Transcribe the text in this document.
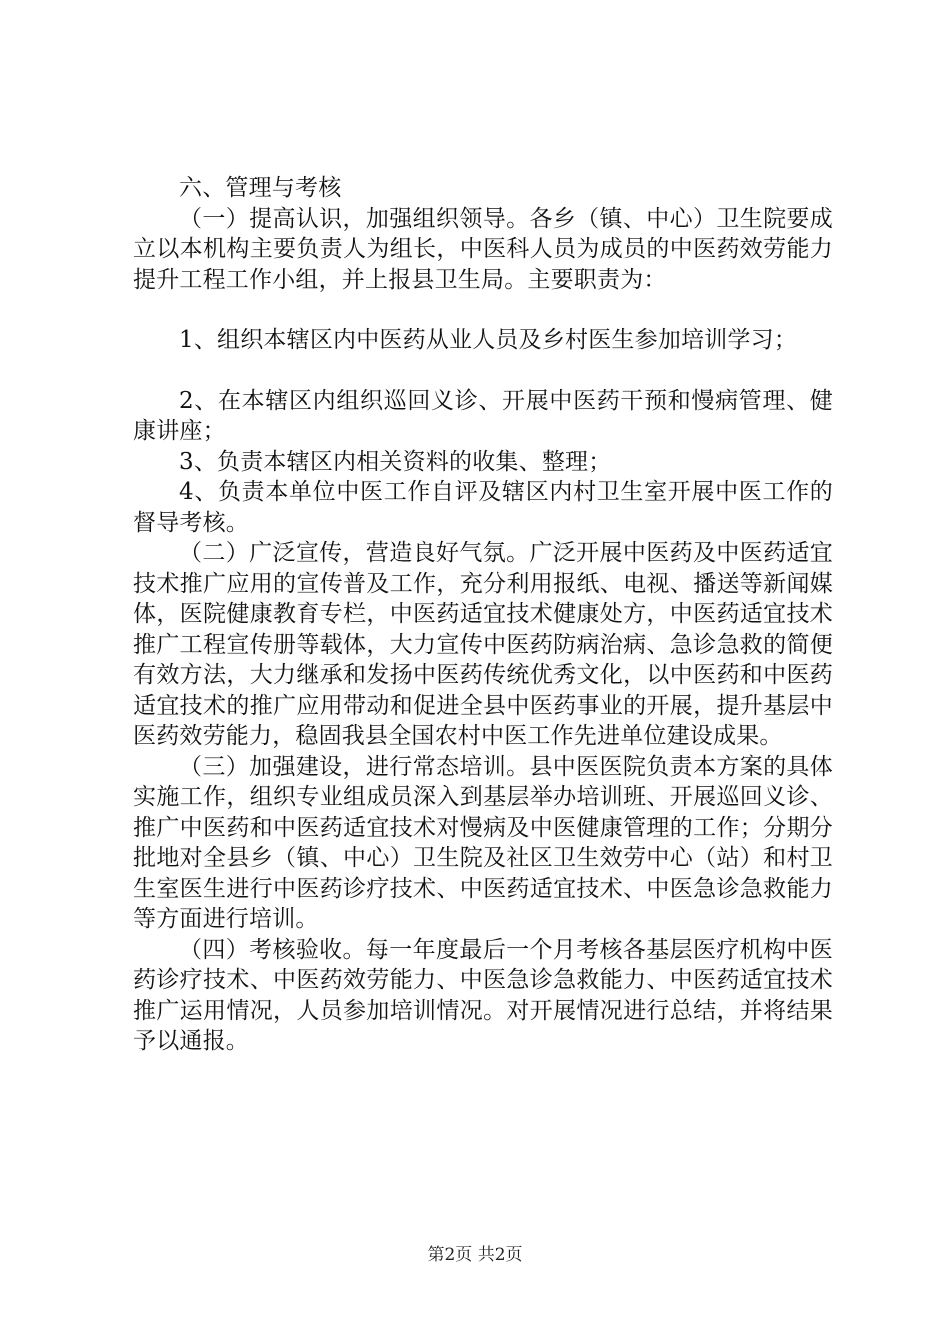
六、管理与考核

（一）提高认识，加强组织领导。各乡（镇、中心）卫生院要成立以本机构主要负责人为组长，中医科人员为成员的中医药效劳能力提升工程工作小组，并上报县卫生局。主要职责为：

1、组织本辖区内中医药从业人员及乡村医生参加培训学习；

2、在本辖区内组织巡回义诊、开展中医药干预和慢病管理、健康讲座；

3、负责本辖区内相关资料的收集、整理；

4、负责本单位中医工作自评及辖区内村卫生室开展中医工作的督导考核。

（二）广泛宣传，营造良好气氛。广泛开展中医药及中医药适宜技术推广应用的宣传普及工作，充分利用报纸、电视、播送等新闻媒体，医院健康教育专栏，中医药适宜技术健康处方，中医药适宜技术推广工程宣传册等载体，大力宣传中医药防病治病、急诊急救的简便有效方法，大力继承和发扬中医药传统优秀文化，以中医药和中医药适宜技术的推广应用带动和促进全县中医药事业的开展，提升基层中医药效劳能力，稳固我县全国农村中医工作先进单位建设成果。

（三）加强建设，进行常态培训。县中医医院负责本方案的具体实施工作，组织专业组成员深入到基层举办培训班、开展巡回义诊、推广中医药和中医药适宜技术对慢病及中医健康管理的工作；分期分批地对全县乡（镇、中心）卫生院及社区卫生效劳中心（站）和村卫生室医生进行中医药诊疗技术、中医药适宜技术、中医急诊急救能力等方面进行培训。

（四）考核验收。每一年度最后一个月考核各基层医疗机构中医药诊疗技术、中医药效劳能力、中医急诊急救能力、中医药适宜技术推广运用情况，人员参加培训情况。对开展情况进行总结，并将结果予以通报。

第2页 共2页
